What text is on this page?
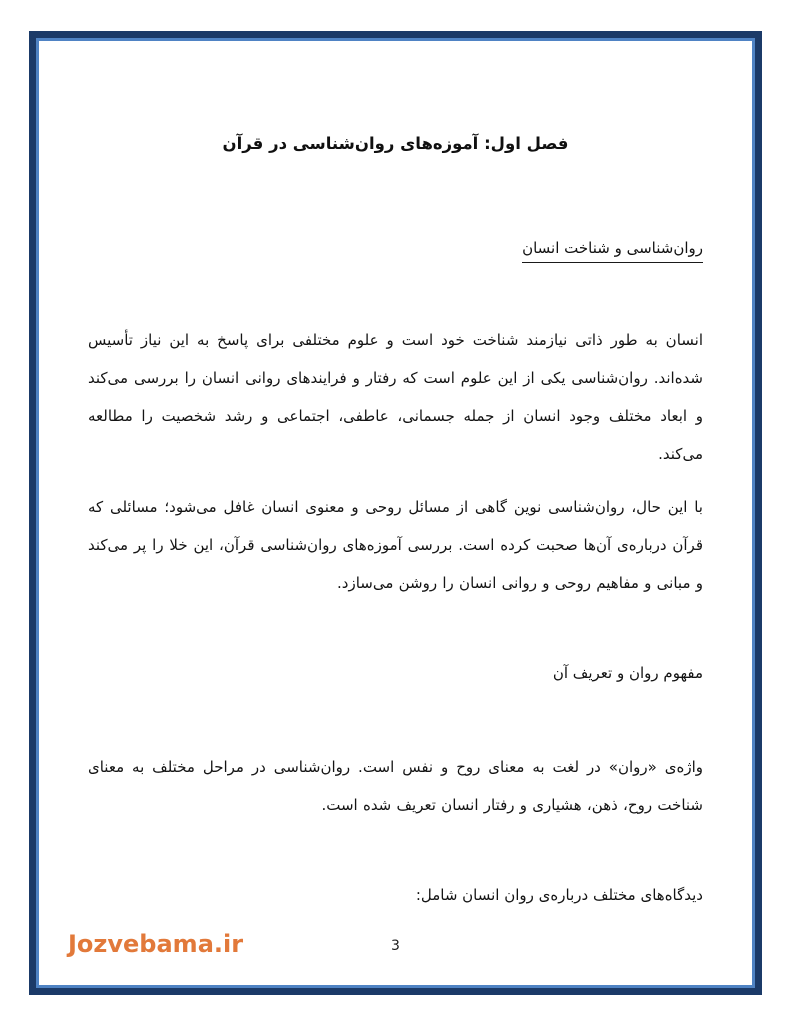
فصل اول: آموزه‌های روان‌شناسی در قرآن
روان‌شناسی و شناخت انسان
انسان به طور ذاتی نیازمند شناخت خود است و علوم مختلفی برای پاسخ به این نیاز تأسیس شده‌اند. روان‌شناسی یکی از این علوم است که رفتار و فرایندهای روانی انسان را بررسی می‌کند و ابعاد مختلف وجود انسان از جمله جسمانی، عاطفی، اجتماعی و رشد شخصیت را مطالعه می‌کند.
با این حال، روان‌شناسی نوین گاهی از مسائل روحی و معنوی انسان غافل می‌شود؛ مسائلی که قرآن درباره‌ی آن‌ها صحبت کرده است. بررسی آموزه‌های روان‌شناسی قرآن، این خلا را پر می‌کند و مبانی و مفاهیم روحی و روانی انسان را روشن می‌سازد.
مفهوم روان و تعریف آن
واژه‌ی «روان» در لغت به معنای روح و نفس است. روان‌شناسی در مراحل مختلف به معنای شناخت روح، ذهن، هشیاری و رفتار انسان تعریف شده است.
دیدگاه‌های مختلف درباره‌ی روان انسان شامل:
Jozvebama.ir	3
